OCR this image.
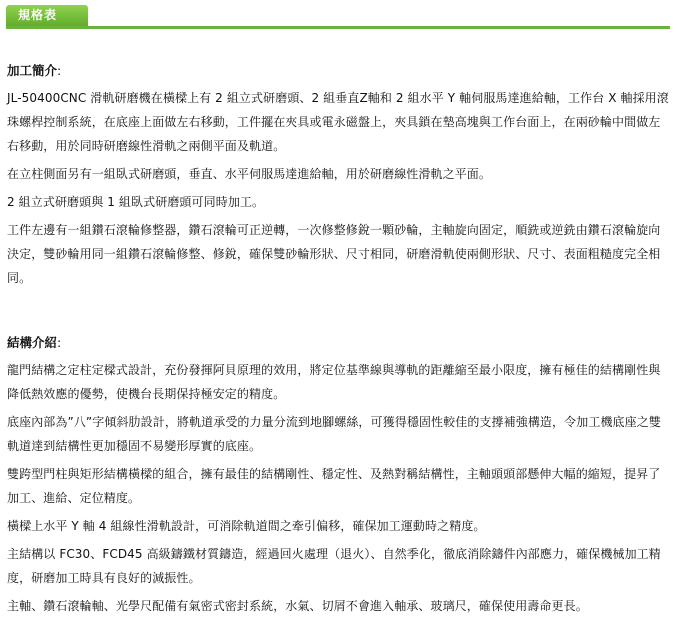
規格表
加工簡介:
JL-50400CNC 滑軌研磨機在橫樑上有 2 組立式研磨頭、2 組垂直Z軸和 2 組水平 Y 軸伺服馬達進給軸，工作台 X 軸採用滾珠螺桿控制系統，在底座上面做左右移動，工件擺在夾具或電永磁盤上，夾具鎖在墊高塊與工作台面上，在兩砂輪中間做左右移動，用於同時研磨線性滑軌之兩側平面及軌道。
在立柱側面另有一組臥式研磨頭，垂直、水平伺服馬達進給軸，用於研磨線性滑軌之平面。
2 組立式研磨頭與 1 組臥式研磨頭可同時加工。
工件左邊有一組鑽石滾輪修整器，鑽石滾輪可正逆轉，一次修整修銳一顆砂輪，主軸旋向固定，順銑或逆銑由鑽石滾輪旋向決定，雙砂輪用同一組鑽石滾輪修整、修銳，確保雙砂輪形狀、尺寸相同，研磨滑軌使兩側形狀、尺寸、表面粗糙度完全相同。
結構介紹:
龍門結構之定柱定樑式設計，充份發揮阿貝原理的效用，將定位基準線與導軌的距離縮至最小限度，擁有極佳的結構剛性與降低熱效應的優勢，使機台長期保持極安定的精度。
底座內部為”八”字傾斜肋設計，將軌道承受的力量分流到地腳螺絲，可獲得穩固性較佳的支撐補強構造，令加工機底座之雙軌道達到結構性更加穩固不易變形厚實的底座。
雙跨型門柱與矩形結構橫樑的組合，擁有最佳的結構剛性、穩定性、及熱對稱結構性，主軸頭頭部懸伸大幅的縮短，提昇了加工、進給、定位精度。
橫樑上水平 Y 軸 4 組線性滑軌設計，可消除軌道間之牽引偏移，確保加工運動時之精度。
主結構以 FC30、FCD45 高級鑄鐵材質鑄造，經過回火處理（退火）、自然季化，徹底消除鑄件內部應力，確保機械加工精度，研磨加工時具有良好的減振性。
主軸、鑽石滾輪軸、光學尺配備有氣密式密封系統，水氣、切屑不會進入軸承、玻璃尺，確保使用壽命更長。
